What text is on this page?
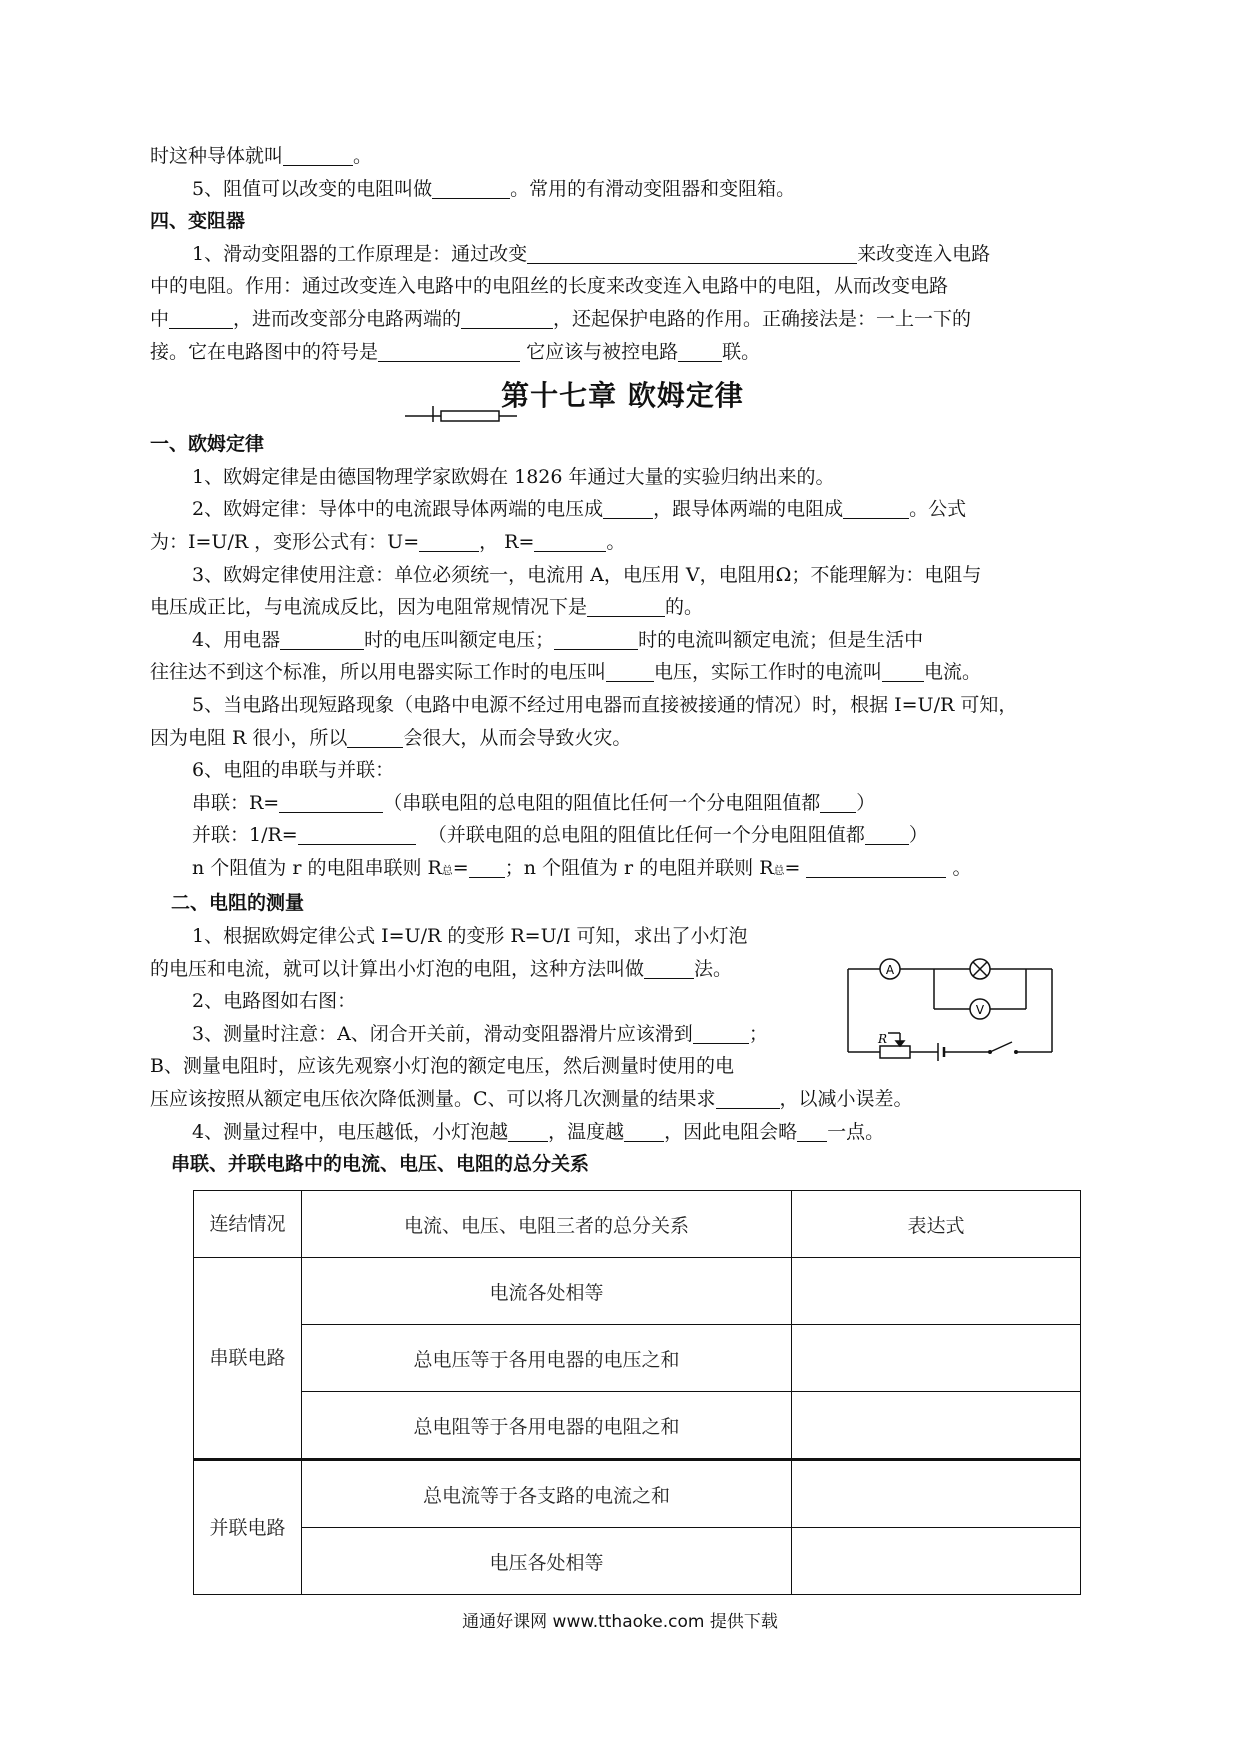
时这种导体就叫	。
5、阻值可以改变的电阻叫做	。常用的有滑动变阻器和变阻箱。
四、变阻器
1、滑动变阻器的工作原理是：通过改变	来改变连入电路
中的电阻。作用：通过改变连入电路中的电阻丝的长度来改变连入电路中的电阻，从而改变电路
中	，进而改变部分电路两端的	，还起保护电路的作用。正确接法是：一上一下的
接。它在电路图中的符号是	它应该与被控电路 联。
第十七章 欧姆定律
一、欧姆定律
1、欧姆定律是由德国物理学家欧姆在 1826 年通过大量的实验归纳出来的。
2、欧姆定律：导体中的电流跟导体两端的电压成	，跟导体两端的电阻成	。公式
为：I=U/R ，变形公式有：U=	， R=	。
3、欧姆定律使用注意：单位必须统一，电流用 A，电压用 V，电阻用Ω；不能理解为：电阻与
电压成正比，与电流成反比，因为电阻常规情况下是	的。
4、用电器	时的电压叫额定电压；	时的电流叫额定电流；但是生活中
往往达不到这个标准，所以用电器实际工作时的电压叫	电压，实际工作时的电流叫 电流。
5、当电路出现短路现象（电路中电源不经过用电器而直接被接通的情况）时，根据 I=U/R 可知，
因为电阻 R 很小，所以	会很大，从而会导致火灾。
6、电阻的串联与并联：
串联：R=	（串联电阻的总电阻的阻值比任何一个分电阻阻值都 ）
并联：1/R=	（并联电阻的总电阻的阻值比任何一个分电阻阻值都 ）
n 个阻值为 r 的电阻串联则 R总= ；n 个阻值为 r 的电阻并联则 R总=	。
二、电阻的测量
1、根据欧姆定律公式 I=U/R 的变形 R=U/I 可知，求出了小灯泡
的电压和电流，就可以计算出小灯泡的电阻，这种方法叫做	法。
2、电路图如右图：
3、测量时注意：A、闭合开关前，滑动变阻器滑片应该滑到	；
B、测量电阻时，应该先观察小灯泡的额定电压，然后测量时使用的电
压应该按照从额定电压依次降低测量。C、可以将几次测量的结果求	，以减小误差。
4、测量过程中，电压越低，小灯泡越 ，温度越 ，因此电阻会略 一点。
串联、并联电路中的电流、电压、电阻的总分关系
A
V
R
连结情况	电流、电压、电阻三者的总分关系	表达式
串联电路	电流各处相等	
	总电压等于各用电器的电压之和	
	总电阻等于各用电器的电阻之和	
并联电路	总电流等于各支路的电流之和	
	电压各处相等	
通通好课网 www.tthaoke.com 提供下载
